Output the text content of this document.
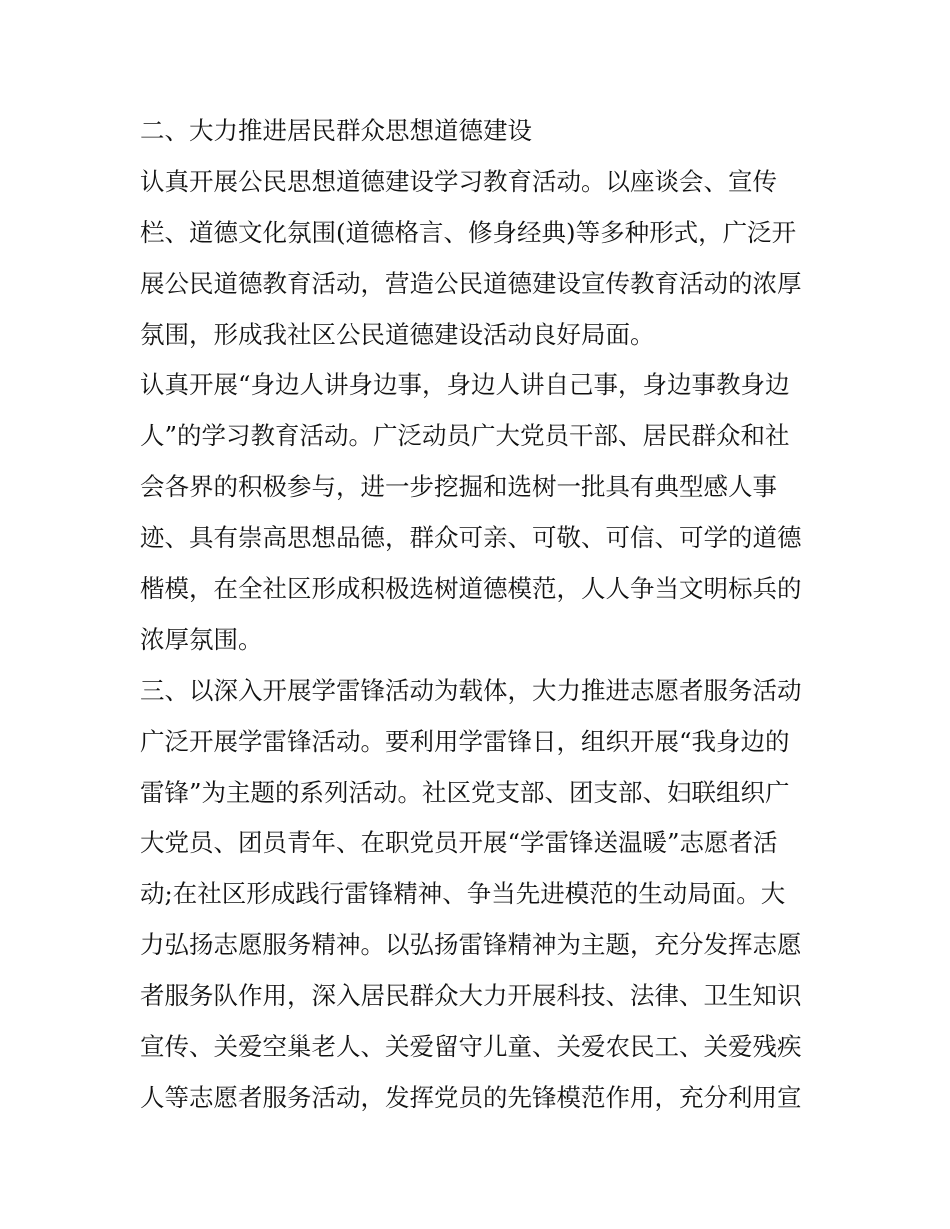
二、大力推进居民群众思想道德建设
认真开展公民思想道德建设学习教育活动。以座谈会、宣传
栏、道德文化氛围(道德格言、修身经典)等多种形式，广泛开
展公民道德教育活动，营造公民道德建设宣传教育活动的浓厚
氛围，形成我社区公民道德建设活动良好局面。
认真开展“身边人讲身边事，身边人讲自己事，身边事教身边
人”的学习教育活动。广泛动员广大党员干部、居民群众和社
会各界的积极参与，进一步挖掘和选树一批具有典型感人事
迹、具有崇高思想品德，群众可亲、可敬、可信、可学的道德
楷模，在全社区形成积极选树道德模范，人人争当文明标兵的
浓厚氛围。
三、以深入开展学雷锋活动为载体，大力推进志愿者服务活动
广泛开展学雷锋活动。要利用学雷锋日，组织开展“我身边的
雷锋”为主题的系列活动。社区党支部、团支部、妇联组织广
大党员、团员青年、在职党员开展“学雷锋送温暖”志愿者活
动;在社区形成践行雷锋精神、争当先进模范的生动局面。大
力弘扬志愿服务精神。以弘扬雷锋精神为主题，充分发挥志愿
者服务队作用，深入居民群众大力开展科技、法律、卫生知识
宣传、关爱空巢老人、关爱留守儿童、关爱农民工、关爱残疾
人等志愿者服务活动，发挥党员的先锋模范作用，充分利用宣
